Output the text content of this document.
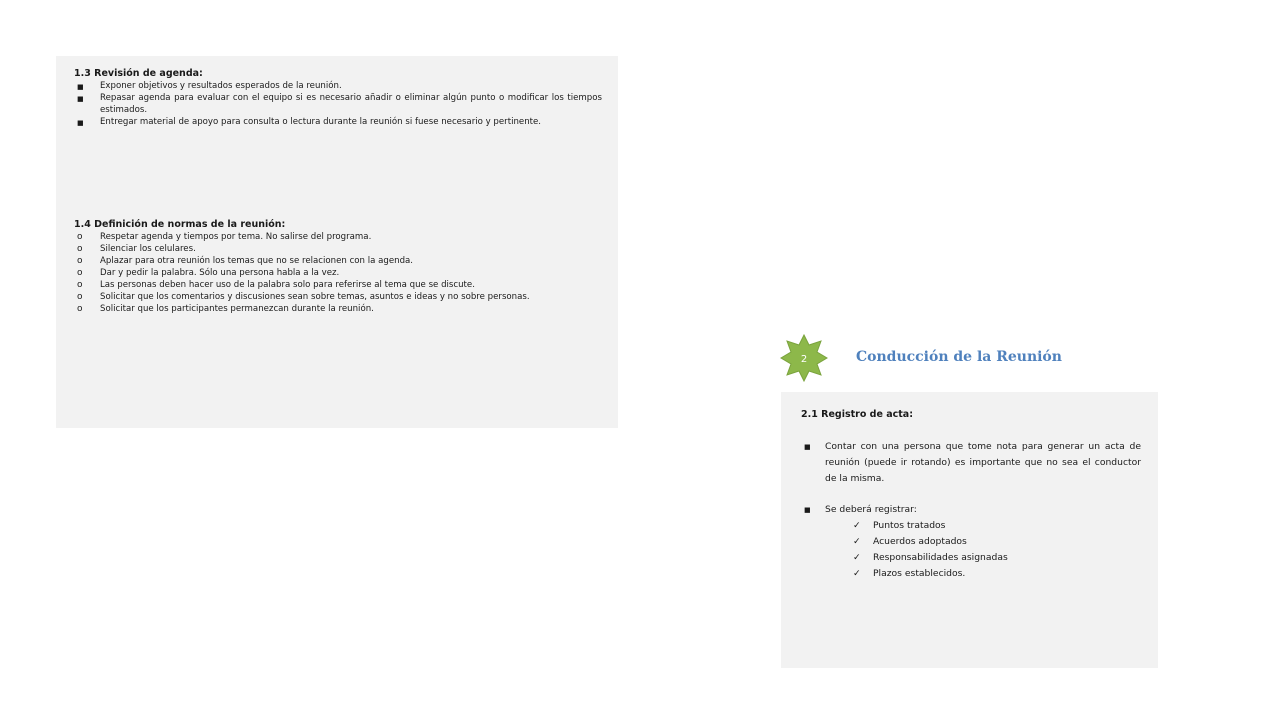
1.3 Revisión de agenda:

■ Exponer objetivos y resultados esperados de la reunión.
■ Repasar agenda para evaluar con el equipo si es necesario añadir o eliminar algún punto o modificar los tiempos estimados.
■ Entregar material de apoyo para consulta o lectura durante la reunión si fuese necesario y pertinente.

1.4 Definición de normas de la reunión:

o Respetar agenda y tiempos por tema. No salirse del programa.
o Silenciar los celulares.
o Aplazar para otra reunión los temas que no se relacionen con la agenda.
o Dar y pedir la palabra. Sólo una persona habla a la vez.
o Las personas deben hacer uso de la palabra solo para referirse al tema que se discute.
o Solicitar que los comentarios y discusiones sean sobre temas, asuntos e ideas y no sobre personas.
o Solicitar que los participantes permanezcan durante la reunión.
2	Conducción de la Reunión

2.1 Registro de acta:

■ Contar con una persona que tome nota para generar un acta de reunión (puede ir rotando) es importante que no sea el conductor de la misma.
■ Se deberá registrar:
✓ Puntos tratados
✓ Acuerdos adoptados
✓ Responsabilidades asignadas
✓ Plazos establecidos.
